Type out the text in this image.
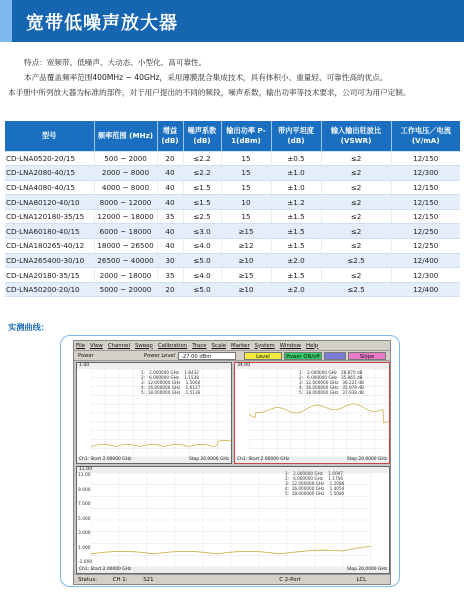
宽带低噪声放大器

特点：宽频带、低噪声、大动态、小型化、高可靠性。

本产品覆盖频率范围400MHz ~ 40GHz，采用薄膜混合集成技术，具有体积小、重量轻、可靠性高的优点。

本手册中所列放大器为标准的部件，对于用户提出的不同的频段，噪声系数，输出功率等技术要求，公司可为用户定制。

型号	频率范围 (MHz)	增益 (dB)	噪声系数 (dB)	输出功率 P-1(dBm)	带内平坦度 (dB)	输入输出驻波比 (VSWR)	工作电压／电流 (V/mA)
CD-LNA0520-20/15	500 ~ 2000	20	≤2.2	15	±0.5	≤2	12/150
CD-LNA2080-40/15	2000 ~ 8000	40	≤2.2	15	±1.0	≤2	12/300
CD-LNA4080-40/15	4000 ~ 8000	40	≤1.5	15	±1.0	≤2	12/150
CD-LNA80120-40/10	8000 ~ 12000	40	≤1.5	10	±1.2	≤2	12/150
CD-LNA120180-35/15	12000 ~ 18000	35	≤2.5	15	±1.5	≤2	12/150
CD-LNA60180-40/15	6000 ~ 18000	40	≤3.0	≥15	±1.5	≤2	12/250
CD-LNA180265-40/12	18000 ~ 26500	40	≤4.0	≥12	±1.5	≤2	12/250
CD-LNA265400-30/10	26500 ~ 40000	30	≤5.0	≥10	±2.0	≤2.5	12/400
CD-LNA20180-35/15	2000 ~ 18000	35	≤4.0	≥15	±1.5	≤2	12/300
CD-LNA50200-20/10	5000 ~ 20000	20	≤5.0	≥10	±2.0	≤2.5	12/400
实测曲线：
File View Channel Sweep Calibration Trace Scale Marker System Window Help
Power	Power Level	-27.00 dBm	Level	Power ON/off	Slope
1.00
1:   2.000000 GHz    1.8432
2:   6.000000 GHz    1.1538
3:  12.000000 GHz    1.5060
4:  16.000000 GHz    1.6127
5:  18.000000 GHz    1.5136
Ch1: Start 2.00000 GHz	Stop 20.0000 GHz
34.00
1:   2.000000 GHz   28.870 dB
2:   6.000000 GHz   35.865 dB
3:  12.000000 GHz   36.221 dB
4:  16.000000 GHz   35.979 dB
5:  18.000000 GHz   37.938 dB
Ch1: Start 2.00000 GHz	Stop 20.0000 GHz
11.00
11.00
9.000
7.000
5.000
3.000
1.000
-1.000
1:   2.000000 GHz    1.6097
2:   6.000000 GHz    1.1756
3:  12.000000 GHz    1.2086
4:  16.000000 GHz    1.4054
5:  18.000000 GHz    1.5085
Ch1: Start 2.00000 GHz	Stop 20.0000 GHz
Status:	CH 1:	S21	C 2-Port	LCL
